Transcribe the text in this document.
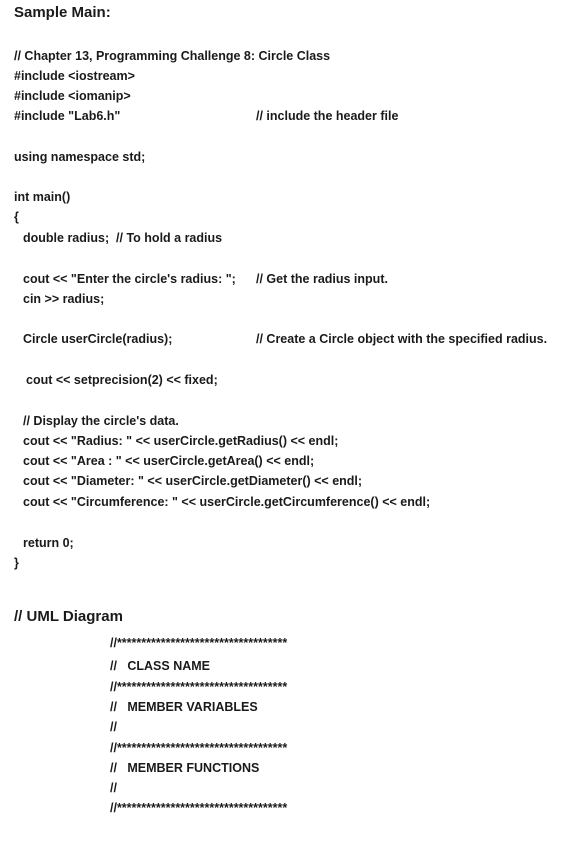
Sample Main:

// Chapter 13, Programming Challenge 8: Circle Class

#include <iostream>

#include <iomanip>

#include "Lab6.h"	// include the header file

using namespace std;

int main()

{

double radius;  // To hold a radius

cout << "Enter the circle's radius: "; // Get the radius input.

cin >> radius;

Circle userCircle(radius);	// Create a Circle object with the specified radius.

cout << setprecision(2) << fixed;

// Display the circle's data.

cout << "Radius: " << userCircle.getRadius() << endl;

cout << "Area : " << userCircle.getArea() << endl;

cout << "Diameter: " << userCircle.getDiameter() << endl;

cout << "Circumference: " << userCircle.getCircumference() << endl;

return 0;

}

// UML Diagram

//***********************************

//   CLASS NAME

//***********************************

//   MEMBER VARIABLES

//

//***********************************

//   MEMBER FUNCTIONS

//

//***********************************
